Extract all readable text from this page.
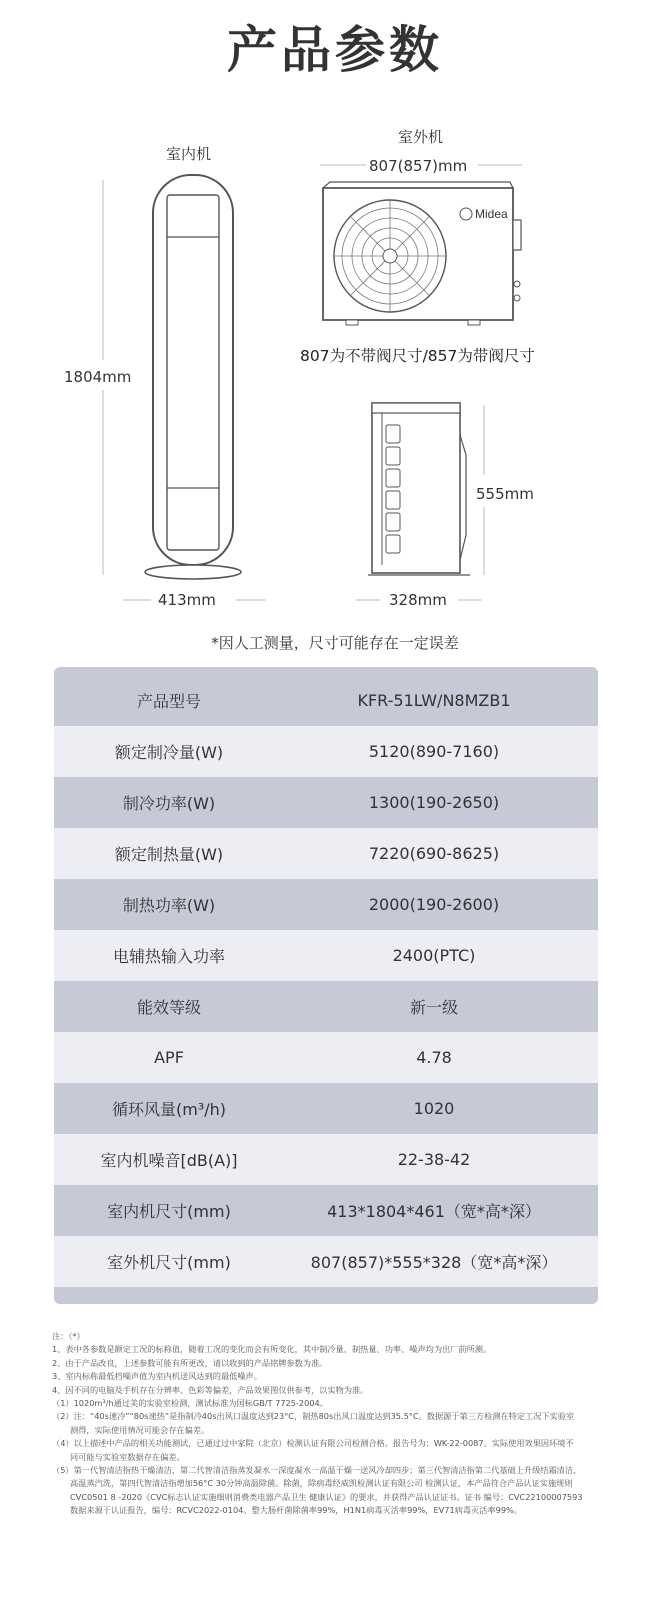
产品参数
室内机
1804mm
413mm
室外机
807(857)mm
Midea
807为不带阀尺寸/857为带阀尺寸
555mm
328mm
*因人工测量，尺寸可能存在一定误差
产品型号	KFR-51LW/N8MZB1
额定制冷量(W)	5120(890-7160)
制冷功率(W)	1300(190-2650)
额定制热量(W)	7220(690-8625)
制热功率(W)	2000(190-2600)
电辅热输入功率	2400(PTC)
能效等级	新一级
APF	4.78
循环风量(m³/h)	1020
室内机噪音[dB(A)]	22-38-42
室内机尺寸(mm)	413*1804*461（宽*高*深）
室外机尺寸(mm)	807(857)*555*328（宽*高*深）
注：（*）
1、表中各参数是额定工况的标称值，随着工况的变化而会有所变化，其中制冷量、制热量、功率、噪声均为出厂前所测。
2、由于产品改良，上述参数可能有所更改，请以收到的产品铭牌参数为准。
3、室内标称最低档噪声值为室内机送风达到的最低噪声。
4、因不同的电脑及手机存在分辨率、色彩等偏差，产品效果图仅供参考，以实物为准。
（1）1020m³/h通过美的实验室检测，测试标准为国标GB/T 7725-2004。
（2）注：“40s速冷”“80s速热”是指制冷40s出风口温度达到23°C，制热80s出风口温度达到35.5°C。数据源于第三方检测在特定工况下实验室
测得，实际使用情况可能会存在偏差。
（4）以上描述中产品的相关功能测试，已通过过中家院（北京）检测认证有限公司检测合格。报告号为：WK-22-0087。实际使用效果因环境不
同可能与实验室数据存在偏差。
（5）第一代智清洁指热干燥清洁，第二代智清洁指蒸发凝水一深度凝水一高温干燥一送风冷却四步；第三代智清洁指第二代基础上升级结霜清洁、
高温蒸汽洗，第四代智清洁指增加56°C 30分钟高温除菌。除菌，除病毒经威凯检测认证有限公司 检测认证，本产品符合产品认证实施规则
CVC0501 8 -2020《CVC标志认证实施细则消费类电器产品卫生 健康认证》的要求，并获得产品认证证书。证书 编号：CVC22100007593
数据来源于认证报告，编号：RCVC2022-0104。整大肠杆菌除菌率99%，H1N1病毒灭活率99%，EV71病毒灭活率99%。
